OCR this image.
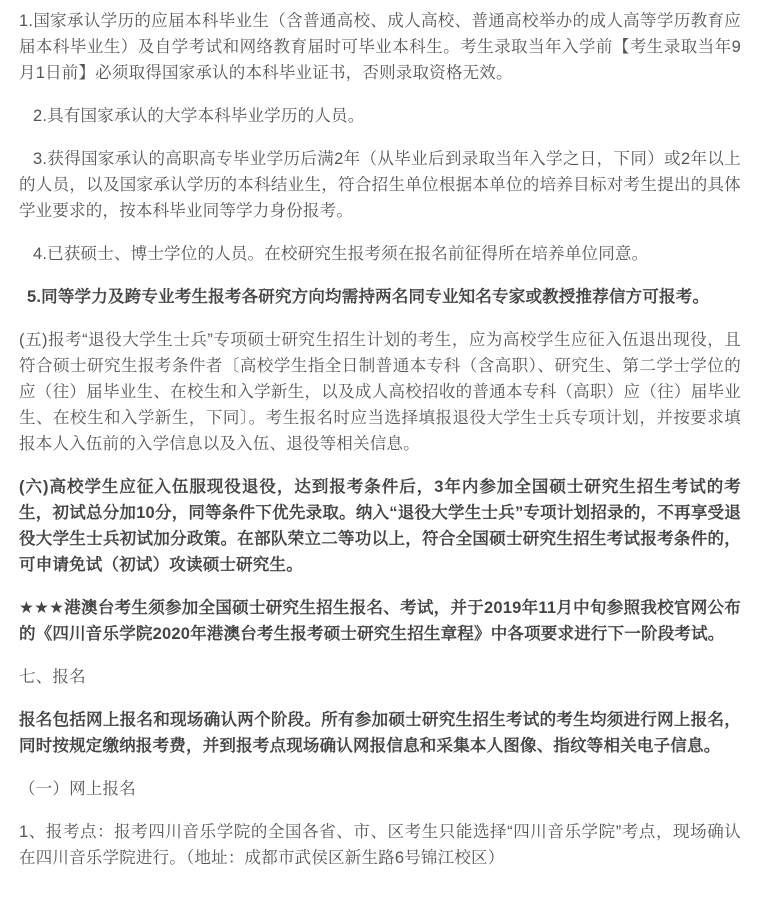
1.国家承认学历的应届本科毕业生（含普通高校、成人高校、普通高校举办的成人高等学历教育应届本科毕业生）及自学考试和网络教育届时可毕业本科生。考生录取当年入学前【考生录取当年9月1日前】必须取得国家承认的本科毕业证书，否则录取资格无效。

2.具有国家承认的大学本科毕业学历的人员。

3.获得国家承认的高职高专毕业学历后满2年（从毕业后到录取当年入学之日，下同）或2年以上的人员，以及国家承认学历的本科结业生，符合招生单位根据本单位的培养目标对考生提出的具体学业要求的，按本科毕业同等学力身份报考。

4.已获硕士、博士学位的人员。在校研究生报考须在报名前征得所在培养单位同意。

5.同等学力及跨专业考生报考各研究方向均需持两名同专业知名专家或教授推荐信方可报考。

(五)报考“退役大学生士兵”专项硕士研究生招生计划的考生，应为高校学生应征入伍退出现役，且符合硕士研究生报考条件者〔高校学生指全日制普通本专科（含高职）、研究生、第二学士学位的应（往）届毕业生、在校生和入学新生，以及成人高校招收的普通本专科（高职）应（往）届毕业生、在校生和入学新生，下同〕。考生报名时应当选择填报退役大学生士兵专项计划，并按要求填报本人入伍前的入学信息以及入伍、退役等相关信息。

(六)高校学生应征入伍服现役退役，达到报考条件后，3年内参加全国硕士研究生招生考试的考生，初试总分加10分，同等条件下优先录取。纳入“退役大学生士兵”专项计划招录的，不再享受退役大学生士兵初试加分政策。在部队荣立二等功以上，符合全国硕士研究生招生考试报考条件的，可申请免试（初试）攻读硕士研究生。

★★★港澳台考生须参加全国硕士研究生招生报名、考试，并于2019年11月中旬参照我校官网公布的《四川音乐学院2020年港澳台考生报考硕士研究生招生章程》中各项要求进行下一阶段考试。

七、报名

报名包括网上报名和现场确认两个阶段。所有参加硕士研究生招生考试的考生均须进行网上报名，同时按规定缴纳报考费，并到报考点现场确认网报信息和采集本人图像、指纹等相关电子信息。

（一）网上报名

1、报考点：报考四川音乐学院的全国各省、市、区考生只能选择“四川音乐学院”考点，现场确认在四川音乐学院进行。（地址：成都市武侯区新生路6号锦江校区）
